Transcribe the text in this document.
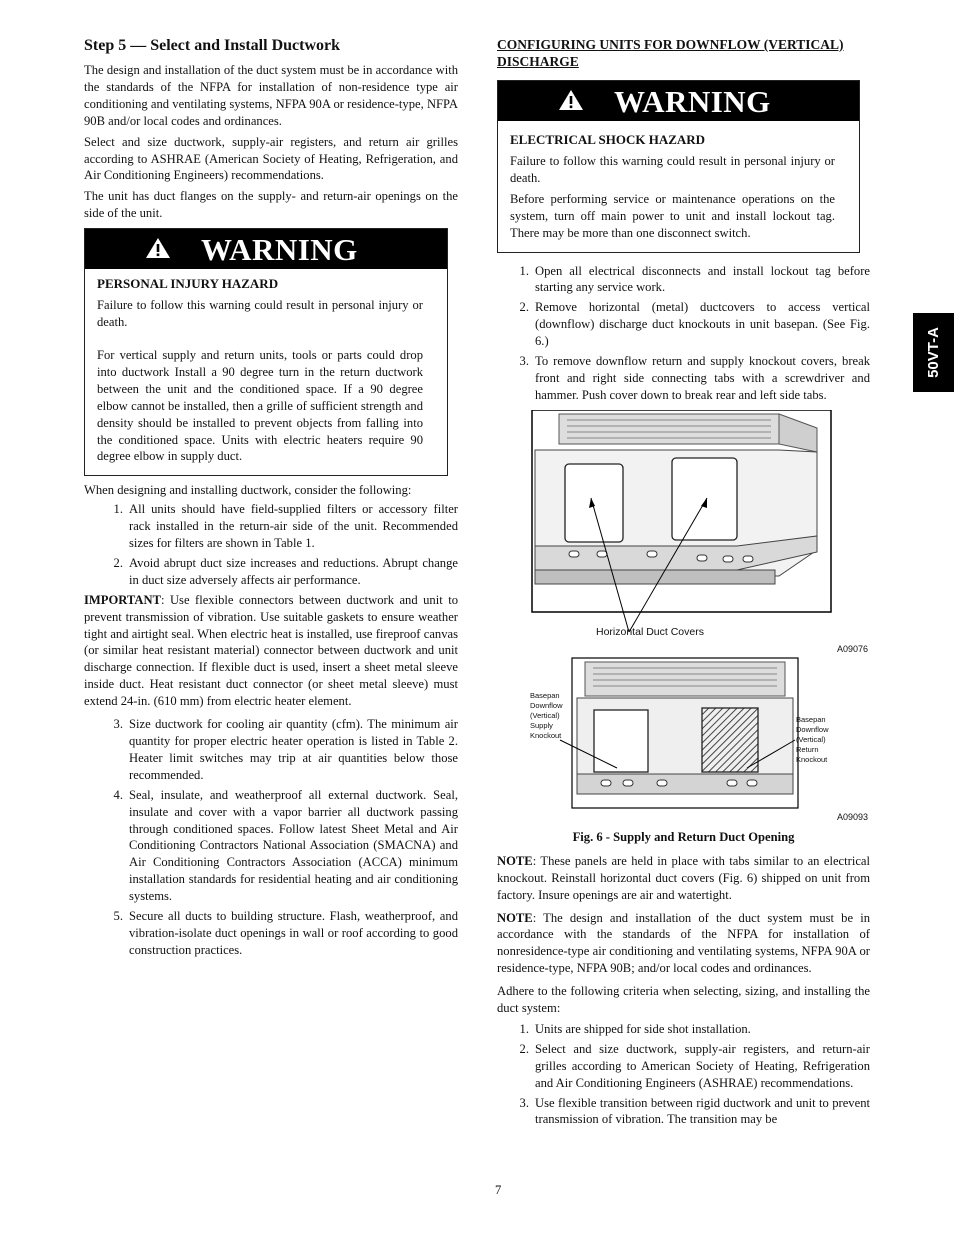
Step 5 — Select and Install Ductwork

The design and installation of the duct system must be in accordance with the standards of the NFPA for installation of non-residence type air conditioning and ventilating systems, NFPA 90A or residence-type, NFPA 90B and/or local codes and ordinances.

Select and size ductwork, supply-air registers, and return air grilles according to ASHRAE (American Society of Heating, Refrigeration, and Air Conditioning Engineers) recommendations.

The unit has duct flanges on the supply- and return-air openings on the side of the unit.

WARNING
PERSONAL INJURY HAZARD

Failure to follow this warning could result in personal injury or death.

For vertical supply and return units, tools or parts could drop into ductwork Install a 90 degree turn in the return ductwork between the unit and the conditioned space. If a 90 degree elbow cannot be installed, then a grille of sufficient strength and density should be installed to prevent objects from falling into the conditioned space. Units with electric heaters require 90 degree elbow in supply duct.

When designing and installing ductwork, consider the following:

1. All units should have field-supplied filters or accessory filter rack installed in the return-air side of the unit. Recommended sizes for filters are shown in Table 1.
2. Avoid abrupt duct size increases and reductions. Abrupt change in duct size adversely affects air performance.

IMPORTANT: Use flexible connectors between ductwork and unit to prevent transmission of vibration. Use suitable gaskets to ensure weather tight and airtight seal. When electric heat is installed, use fireproof canvas (or similar heat resistant material) connector between ductwork and unit discharge connection. If flexible duct is used, insert a sheet metal sleeve inside duct. Heat resistant duct connector (or sheet metal sleeve) must extend 24-in. (610 mm) from electric heater element.

3. Size ductwork for cooling air quantity (cfm). The minimum air quantity for proper electric heater operation is listed in Table 2. Heater limit switches may trip at air quantities below those recommended.
4. Seal, insulate, and weatherproof all external ductwork. Seal, insulate and cover with a vapor barrier all ductwork passing through conditioned spaces. Follow latest Sheet Metal and Air Conditioning Contractors National Association (SMACNA) and Air Conditioning Contractors Association (ACCA) minimum installation standards for residential heating and air conditioning systems.
5. Secure all ducts to building structure. Flash, weatherproof, and vibration-isolate duct openings in wall or roof according to good construction practices.
CONFIGURING UNITS FOR DOWNFLOW (VERTICAL) DISCHARGE
WARNING
ELECTRICAL SHOCK HAZARD

Failure to follow this warning could result in personal injury or death.

Before performing service or maintenance operations on the system, turn off main power to unit and install lockout tag. There may be more than one disconnect switch.

1. Open all electrical disconnects and install lockout tag before starting any service work.
2. Remove horizontal (metal) ductcovers to access vertical (downflow) discharge duct knockouts in unit basepan. (See Fig. 6.)
3. To remove downflow return and supply knockout covers, break front and right side connecting tabs with a screwdriver and hammer. Push cover down to break rear and left side tabs.
Horizontal Duct Covers
A09076
Basepan
Downflow
(Vertical)
Supply
Knockout
Basepan
Downflow
(Vertical)
Return
Knockout
A09093
Fig. 6 - Supply and Return Duct Opening

NOTE: These panels are held in place with tabs similar to an electrical knockout. Reinstall horizontal duct covers (Fig. 6) shipped on unit from factory. Insure openings are air and watertight.

NOTE: The design and installation of the duct system must be in accordance with the standards of the NFPA for installation of nonresidence-type air conditioning and ventilating systems, NFPA 90A or residence-type, NFPA 90B; and/or local codes and ordinances.

Adhere to the following criteria when selecting, sizing, and installing the duct system:

1. Units are shipped for side shot installation.
2. Select and size ductwork, supply-air registers, and return-air grilles according to American Society of Heating, Refrigeration and Air Conditioning Engineers (ASHRAE) recommendations.
3. Use flexible transition between rigid ductwork and unit to prevent transmission of vibration. The transition may be
50VT-A
7
